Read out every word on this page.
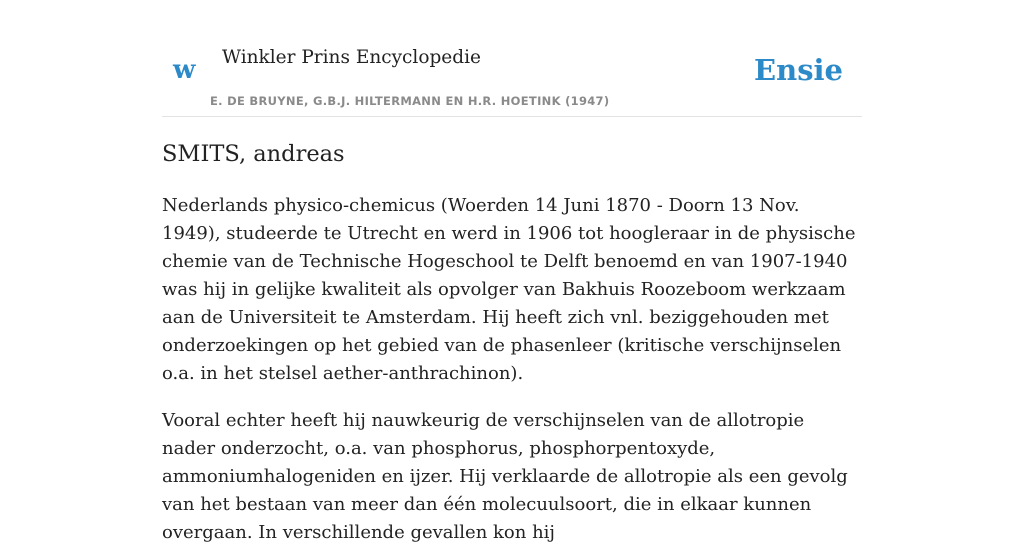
w Winkler Prins Encyclopedie
E. DE BRUYNE, G.B.J. HILTERMANN EN H.R. HOETINK (1947)
Ensie
SMITS, andreas

Nederlands physico-chemicus (Woerden 14 Juni 1870 - Doorn 13 Nov. 1949), studeerde te Utrecht en werd in 1906 tot hoogleraar in de physische chemie van de Technische Hogeschool te Delft benoemd en van 1907-1940 was hij in gelijke kwaliteit als opvolger van Bakhuis Roozeboom werkzaam aan de Universiteit te Amsterdam. Hij heeft zich vnl. beziggehouden met onderzoekingen op het gebied van de phasenleer (kritische verschijnselen o.a. in het stelsel aether-anthrachinon).

Vooral echter heeft hij nauwkeurig de verschijnselen van de allotropie nader onderzocht, o.a. van phosphorus, phosphorpentoxyde, ammoniumhalogeniden en ijzer. Hij verklaarde de allotropie als een gevolg van het bestaan van meer dan één molecuulsoort, die in elkaar kunnen overgaan. In verschillende gevallen kon hij
